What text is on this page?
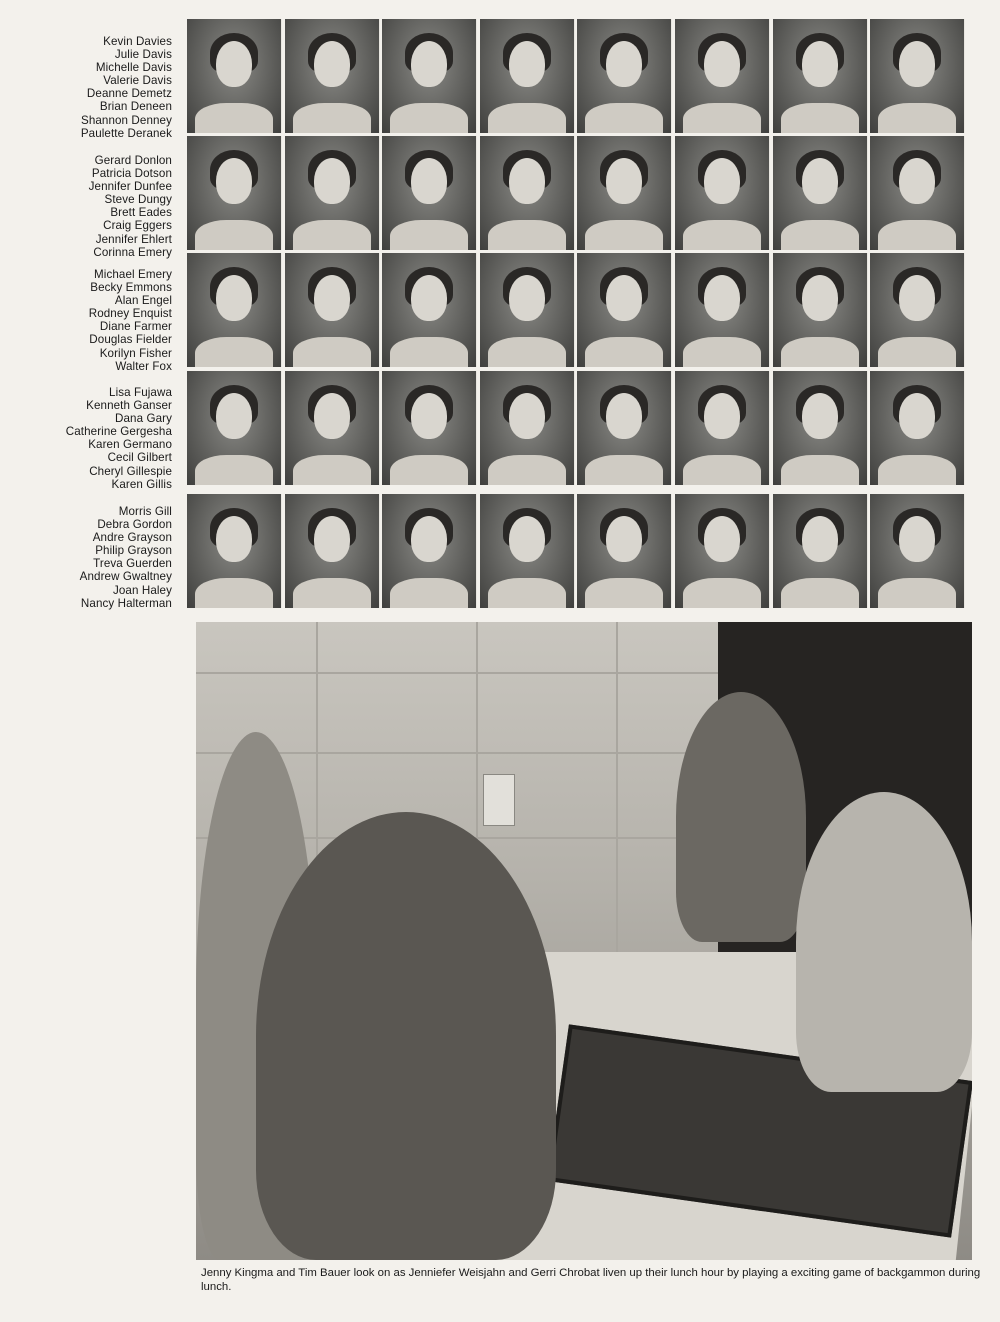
Kevin Davies
Julie Davis
Michelle Davis
Valerie Davis
Deanne Demetz
Brian Deneen
Shannon Denney
Paulette Deranek
Gerard Donlon
Patricia Dotson
Jennifer Dunfee
Steve Dungy
Brett Eades
Craig Eggers
Jennifer Ehlert
Corinna Emery
Michael Emery
Becky Emmons
Alan Engel
Rodney Enquist
Diane Farmer
Douglas Fielder
Korilyn Fisher
Walter Fox
Lisa Fujawa
Kenneth Ganser
Dana Gary
Catherine Gergesha
Karen Germano
Cecil Gilbert
Cheryl Gillespie
Karen Gillis
Morris Gill
Debra Gordon
Andre Grayson
Philip Grayson
Treva Guerden
Andrew Gwaltney
Joan Haley
Nancy Halterman
Jenny Kingma and Tim Bauer look on as Jenniefer Weisjahn and Gerri Chrobat liven up their lunch hour by playing a exciting game of backgammon during lunch.
